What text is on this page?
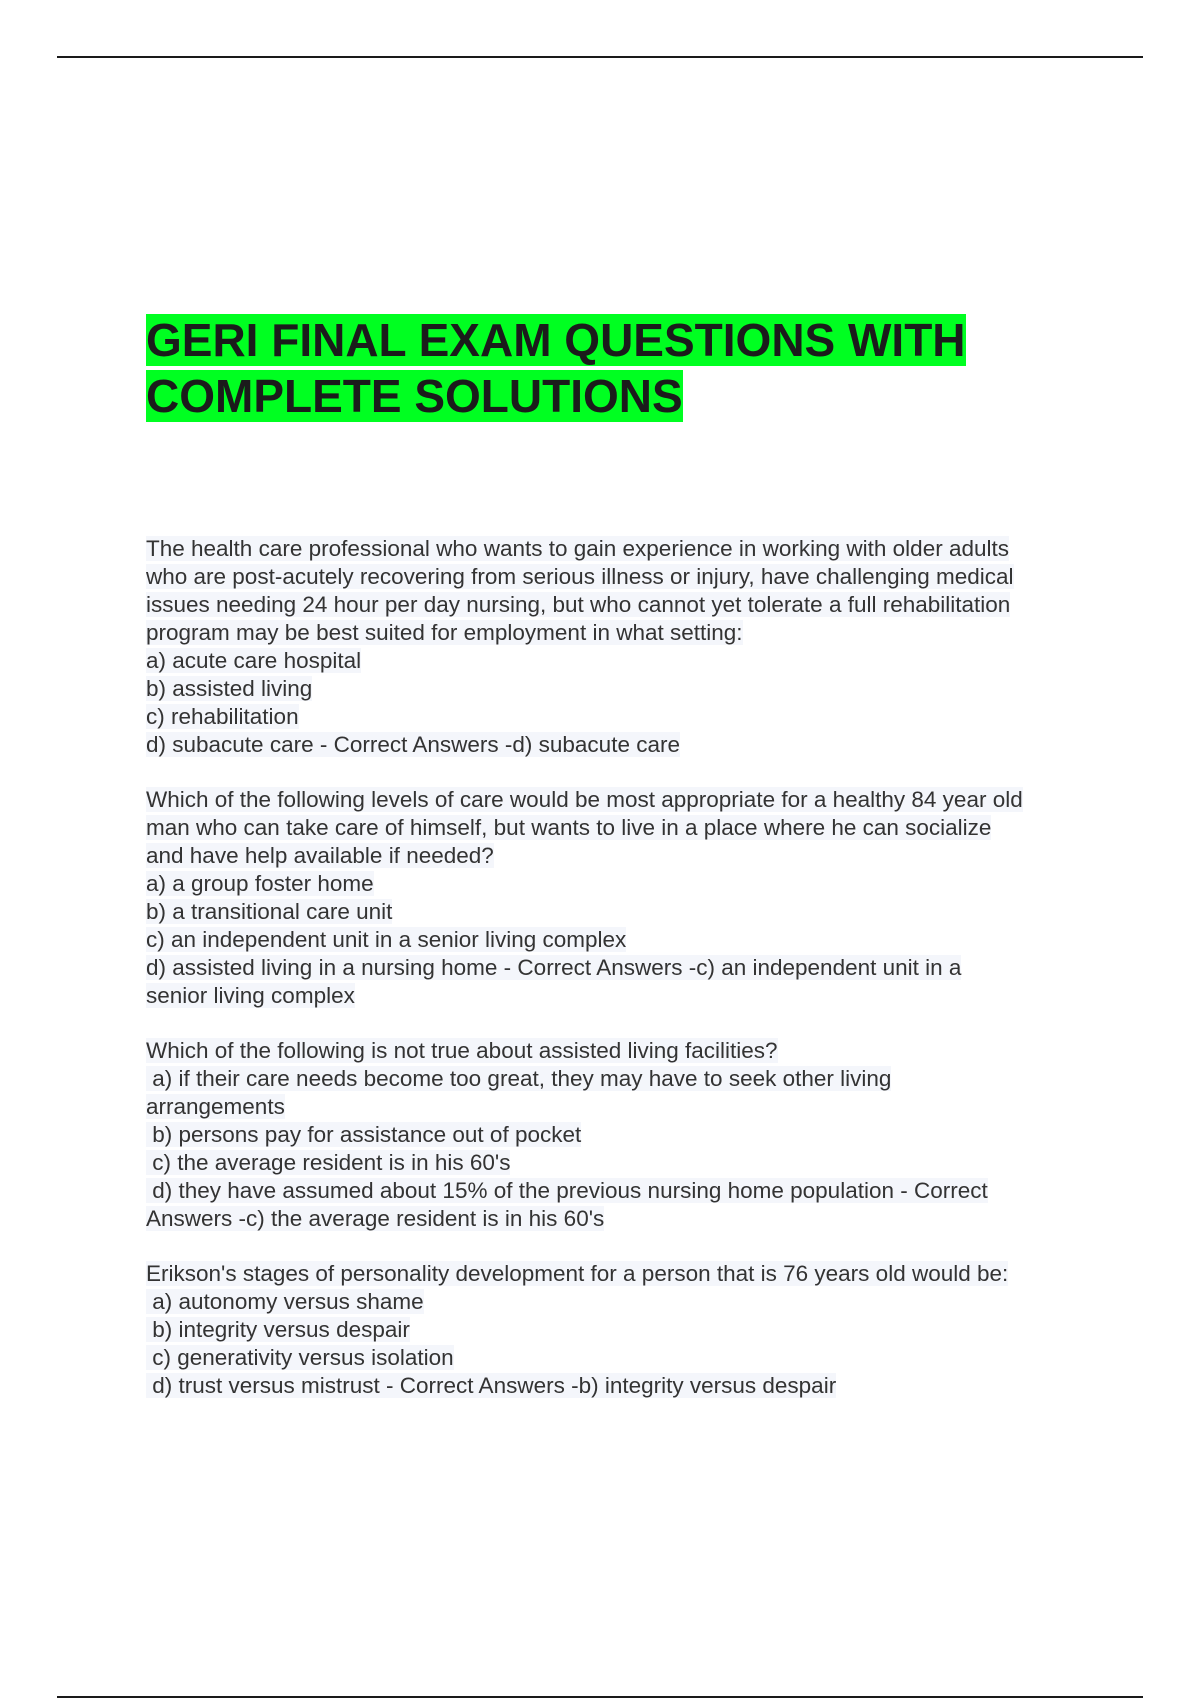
GERI FINAL EXAM QUESTIONS WITH
COMPLETE SOLUTIONS
The health care professional who wants to gain experience in working with older adults
who are post-acutely recovering from serious illness or injury, have challenging medical
issues needing 24 hour per day nursing, but who cannot yet tolerate a full rehabilitation
program may be best suited for employment in what setting:
a) acute care hospital
b) assisted living
c) rehabilitation
d) subacute care - Correct Answers -d) subacute care
Which of the following levels of care would be most appropriate for a healthy 84 year old
man who can take care of himself, but wants to live in a place where he can socialize
and have help available if needed?
a) a group foster home
b) a transitional care unit
c) an independent unit in a senior living complex
d) assisted living in a nursing home - Correct Answers -c) an independent unit in a
senior living complex
Which of the following is not true about assisted living facilities?
a) if their care needs become too great, they may have to seek other living
arrangements
b) persons pay for assistance out of pocket
c) the average resident is in his 60's
d) they have assumed about 15% of the previous nursing home population - Correct
Answers -c) the average resident is in his 60's
Erikson's stages of personality development for a person that is 76 years old would be:
a) autonomy versus shame
b) integrity versus despair
c) generativity versus isolation
d) trust versus mistrust - Correct Answers -b) integrity versus despair
